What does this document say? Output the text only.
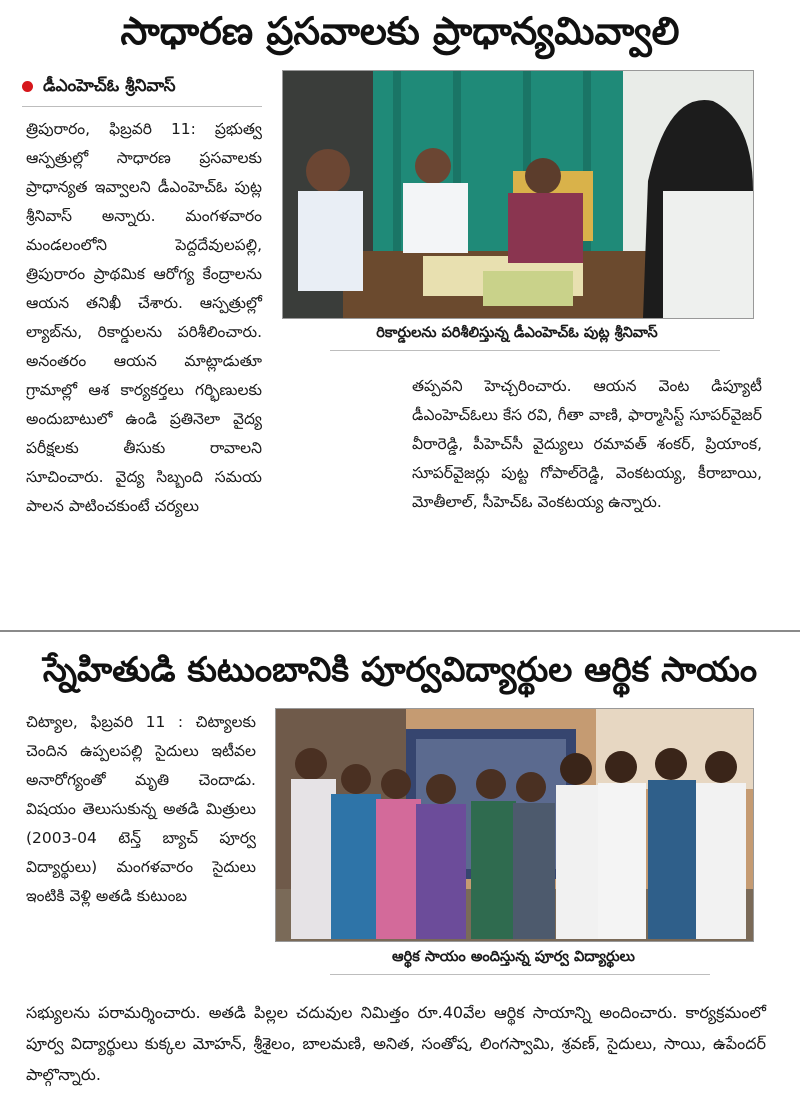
సాధారణ ప్రసవాలకు ప్రాధాన్యమివ్వాలి
డీఎంహెచ్‌ఓ శ్రీనివాస్

త్రిపురారం, ఫిబ్రవరి 11: ప్రభుత్వ ఆస్పత్రుల్లో సాధారణ ప్రసవాలకు ప్రాధాన్యత ఇవ్వాలని డీఎంహెచ్‌ఓ పుట్ల శ్రీనివాస్ అన్నారు. మంగళవారం మండలంలోని పెద్దదేవులపల్లి, త్రిపురారం ప్రాథమిక ఆరోగ్య కేంద్రాలను ఆయన తనిఖీ చేశారు. ఆస్పత్రుల్లో ల్యాబ్‌ను, రికార్డులను పరిశీలించారు. అనంతరం ఆయన మాట్లాడుతూ గ్రామాల్లో ఆశ కార్యకర్తలు గర్భిణులకు అందుబాటులో ఉండి ప్రతినెలా వైద్య పరీక్షలకు తీసుకు రావాలని సూచించారు. వైద్య సిబ్బంది సమయ పాలన పాటించకుంటే చర్యలు

తప్పవని హెచ్చరించారు. ఆయన వెంట డిప్యూటీ డీఎంహెచ్‌ఓలు కేస రవి, గీతా వాణి, ఫార్మాసిస్ట్ సూపర్‌వైజర్ వీరారెడ్డి, పీహెచ్‌సీ వైద్యులు రమావత్ శంకర్, ప్రియాంక, సూపర్‌వైజర్లు పుట్ట గోపాల్‌రెడ్డి, వెంకటయ్య, కీరాబాయి, మోతీలాల్, సీహెచ్‌ఓ వెంకటయ్య ఉన్నారు.

రికార్డులను పరిశీలిస్తున్న డీఎంహెచ్‌ఓ పుట్ల శ్రీనివాస్
స్నేహితుడి కుటుంబానికి పూర్వవిద్యార్థుల ఆర్థిక సాయం

చిట్యాల, ఫిబ్రవరి 11 : చిట్యాలకు చెందిన ఉప్పలపల్లి సైదులు ఇటీవల అనారోగ్యంతో మృతి చెందాడు. విషయం తెలుసుకున్న అతడి మిత్రులు (2003-04 టెన్త్ బ్యాచ్ పూర్వ విద్యార్థులు) మంగళవారం సైదులు ఇంటికి వెళ్లి అతడి కుటుంబ

ఆర్థిక సాయం అందిస్తున్న పూర్వ విద్యార్థులు

సభ్యులను పరామర్శించారు. అతడి పిల్లల చదువుల నిమిత్తం రూ.40వేల ఆర్థిక సాయాన్ని అందించారు. కార్యక్రమంలో పూర్వ విద్యార్థులు కుక్కల మోహన్, శ్రీశైలం, బాలమణి, అనిత, సంతోష, లింగస్వామి, శ్రవణ్, సైదులు, సాయి, ఉపేందర్ పాల్గొన్నారు.
